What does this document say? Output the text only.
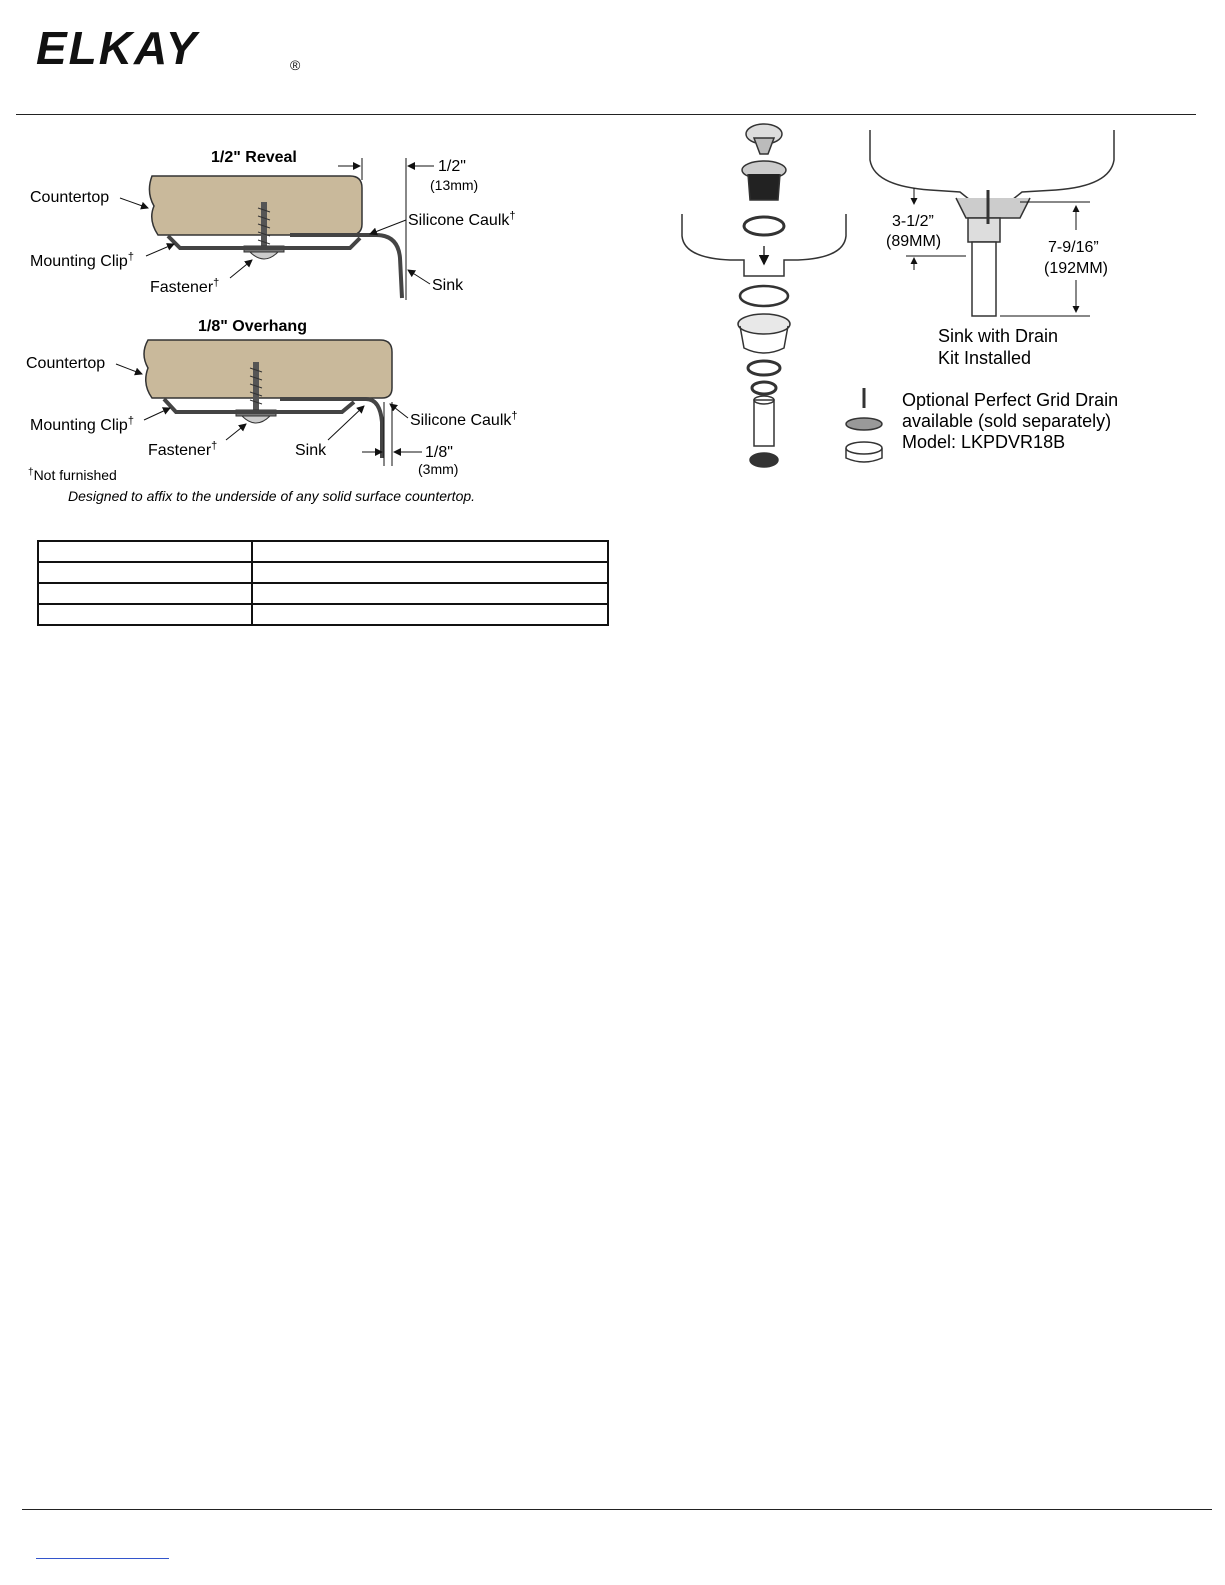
ELKAY	®
1/2" Reveal
1/2"
(13mm)
Countertop
Silicone Caulk†
Mounting Clip†
Fastener†	Sink
1/8" Overhang
1/8"
(3mm)
Countertop
Silicone Caulk†
Mounting Clip†
Fastener†	Sink
†Not furnished
Designed to affix to the underside of any solid surface countertop.
3-1/2”
(89MM)	7-9/16”
(192MM)
Sink with Drain
Kit Installed
Optional Perfect Grid Drain
available (sold separately)
Model: LKPDVR18B
